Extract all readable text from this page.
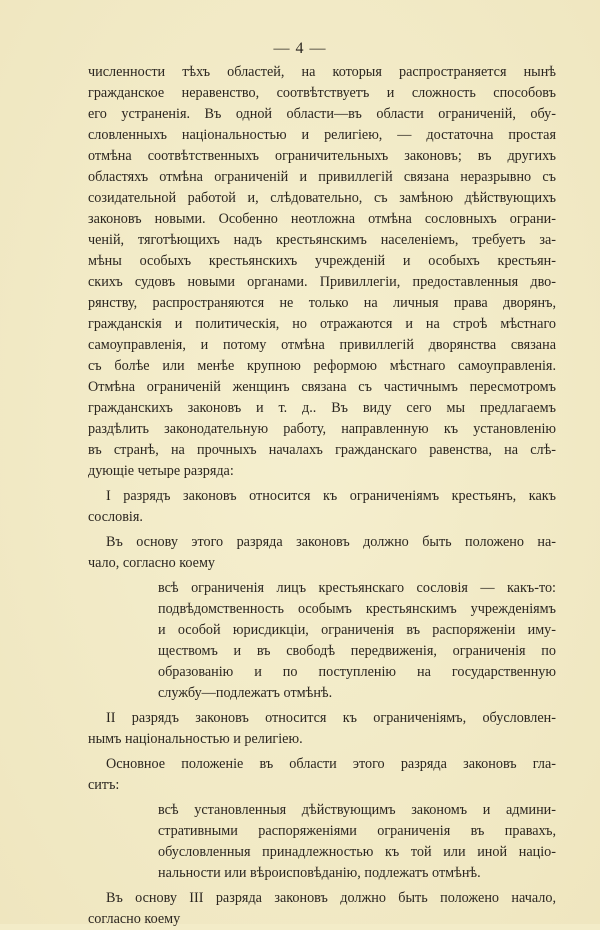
— 4 —
численности тѣхъ областей, на которыя распространяется нынѣ
гражданское неравенство, соотвѣтствуетъ и сложность способовъ
его устраненія. Въ одной области—въ области ограниченій, обу-
словленныхъ національностью и религіею, — достаточна простая
отмѣна соотвѣтственныхъ ограничительныхъ законовъ; въ другихъ
областяхъ отмѣна ограниченій и привиллегій связана неразрывно съ
созидательной работой и, слѣдовательно, съ замѣною дѣйствующихъ
законовъ новыми. Особенно неотложна отмѣна сословныхъ ограни-
ченій, тяготѣющихъ надъ крестьянскимъ населеніемъ, требуетъ за-
мѣны особыхъ крестьянскихъ учрежденій и особыхъ крестьян-
скихъ судовъ новыми органами. Привиллегіи, предоставленныя дво-
рянству, распространяются не только на личныя права дворянъ,
гражданскія и политическія, но отражаются и на строѣ мѣстнаго
самоуправленія, и потому отмѣна привиллегій дворянства связана
съ болѣе или менѣе крупною реформою мѣстнаго самоуправленія.
Отмѣна ограниченій женщинъ связана съ частичнымъ пересмотромъ
гражданскихъ законовъ и т. д.. Въ виду сего мы предлагаемъ
раздѣлить законодательную работу, направленную къ установленію
въ странѣ, на прочныхъ началахъ гражданскаго равенства, на слѣ-
дующіе четыре разряда:
I разрядъ законовъ относится къ ограниченіямъ крестьянъ, какъ
сословія.
Въ основу этого разряда законовъ должно быть положено на-
чало, согласно коему
всѣ ограниченія лицъ крестьянскаго сословія — какъ-то:
подвѣдомственность особымъ крестьянскимъ учрежденіямъ
и особой юрисдикціи, ограниченія въ распоряженіи иму-
ществомъ и въ свободѣ передвиженія, ограниченія по
образованію и по поступленію на государственную
службу—подлежатъ отмѣнѣ.
II разрядъ законовъ относится къ ограниченіямъ, обусловлен-
нымъ національностью и религіею.
Основное положеніе въ области этого разряда законовъ гла-
ситъ:
всѣ установленныя дѣйствующимъ закономъ и админи-
стративными распоряженіями ограниченія въ правахъ,
обусловленныя принадлежностью къ той или иной націо-
нальности или вѣроисповѣданію, подлежатъ отмѣнѣ.
Въ основу III разряда законовъ должно быть положено начало,
согласно коему
